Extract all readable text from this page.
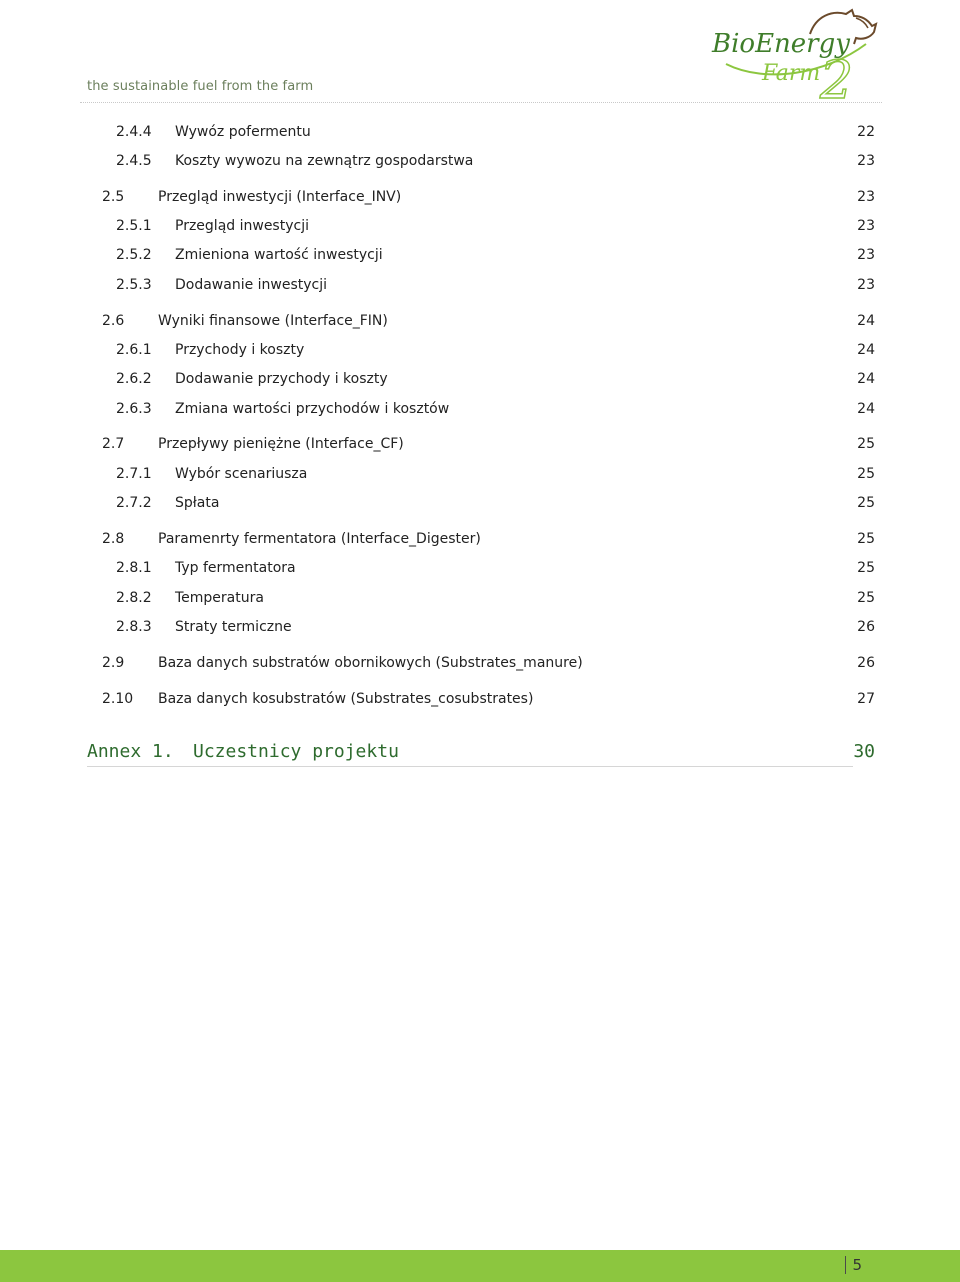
the sustainable fuel from the farm
BioEnergy
Farm 2
2.4.4 Wywóz pofermentu	22
2.4.5 Koszty wywozu na zewnątrz gospodarstwa	23
2.5 Przegląd inwestycji (Interface_INV)	23
2.5.1 Przegląd inwestycji	23
2.5.2 Zmieniona wartość inwestycji	23
2.5.3 Dodawanie inwestycji	23
2.6 Wyniki finansowe (Interface_FIN)	24
2.6.1 Przychody i koszty	24
2.6.2 Dodawanie przychody i koszty	24
2.6.3 Zmiana wartości przychodów i kosztów	24
2.7 Przepływy pieniężne (Interface_CF)	25
2.7.1 Wybór scenariusza	25
2.7.2 Spłata	25
2.8 Paramenrty fermentatora (Interface_Digester)	25
2.8.1 Typ fermentatora	25
2.8.2 Temperatura	25
2.8.3 Straty termiczne	26
2.9 Baza danych substratów obornikowych (Substrates_manure)	26
2.10 Baza danych kosubstratów (Substrates_cosubstrates)	27
Annex 1. Uczestnicy projektu	30
5
